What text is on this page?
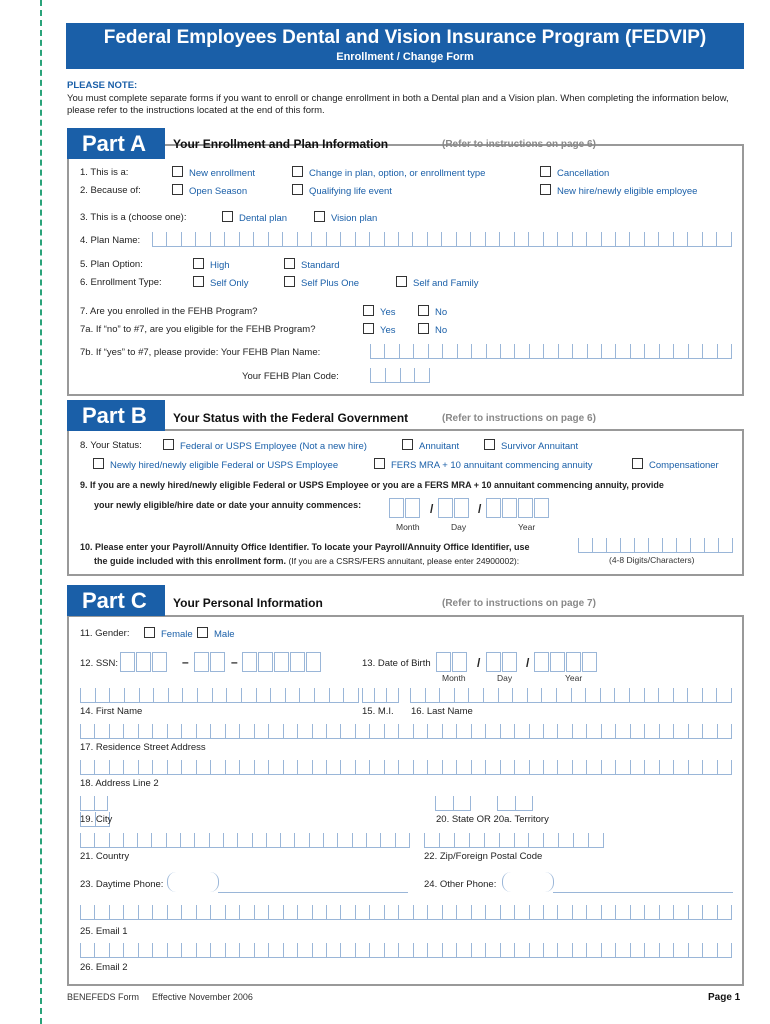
Federal Employees Dental and Vision Insurance Program (FEDVIP)
Enrollment / Change Form
PLEASE NOTE:
You must complete separate forms if you want to enroll or change enrollment in both a Dental plan and a Vision plan. When completing the information below, please refer to the instructions located at the end of this form.
Part A	Your Enrollment and Plan Information	(Refer to instructions on page 6)
1. This is a:	New enrollment	Change in plan, option, or enrollment type	Cancellation
2. Because of:	Open Season	Qualifying life event	New hire/newly eligible employee
3. This is a (choose one):	Dental plan	Vision plan
4. Plan Name:
5. Plan Option:	High	Standard
6. Enrollment Type:	Self Only	Self Plus One	Self and Family
7. Are you enrolled in the FEHB Program?	Yes	No
7a. If “no” to #7, are you eligible for the FEHB Program?	Yes	No
7b. If “yes” to #7, please provide: Your FEHB Plan Name:
Your FEHB Plan Code:
Part B	Your Status with the Federal Government	(Refer to instructions on page 6)
8. Your Status:	Federal or USPS Employee (Not a new hire)	Annuitant	Survivor Annuitant
Newly hired/newly eligible Federal or USPS Employee	FERS MRA + 10 annuitant commencing annuity	Compensationer
9. If you are a newly hired/newly eligible Federal or USPS Employee or you are a FERS MRA + 10 annuitant commencing annuity, provide
your newly eligible/hire date or date your annuity commences:	/	/
Month	Day	Year
10. Please enter your Payroll/Annuity Office Identifier. To locate your Payroll/Annuity Office Identifier, use
the guide included with this enrollment form. (If you are a CSRS/FERS annuitant, please enter 24900002):	(4-8 Digits/Characters)
Part C	Your Personal Information	(Refer to instructions on page 7)
11. Gender:	Female	Male
12. SSN:	–	–	13. Date of Birth	/	/
Month	Day	Year
14. First Name	15. M.I. 16. Last Name
17. Residence Street Address
18. Address Line 2
19. City	20. State OR 20a. Territory
21. Country	22. Zip/Foreign Postal Code
23. Daytime Phone:	24. Other Phone:
25. Email 1
26. Email 2
BENEFEDS Form Effective November 2006	Page 1
